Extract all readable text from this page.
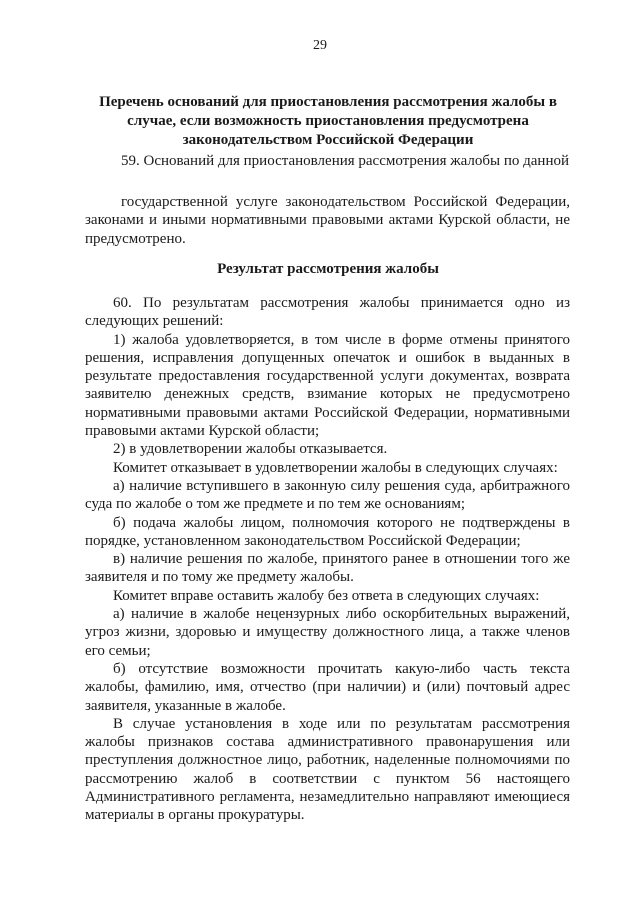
29
Перечень оснований для приостановления рассмотрения жалобы в случае, если возможность приостановления предусмотрена законодательством Российской Федерации
59. Оснований для приостановления рассмотрения жалобы по данной
государственной услуге законодательством Российской Федерации, законами и иными нормативными правовыми актами Курской области, не предусмотрено.
Результат рассмотрения жалобы

60. По результатам рассмотрения жалобы принимается одно из следующих решений:

1) жалоба удовлетворяется, в том числе в форме отмены принятого решения, исправления допущенных опечаток и ошибок в выданных в результате предоставления государственной услуги документах, возврата заявителю денежных средств, взимание которых не предусмотрено нормативными правовыми актами Российской Федерации, нормативными правовыми актами Курской области;

2) в удовлетворении жалобы отказывается.

Комитет отказывает в удовлетворении жалобы в следующих случаях:

а) наличие вступившего в законную силу решения суда, арбитражного суда по жалобе о том же предмете и по тем же основаниям;

б) подача жалобы лицом, полномочия которого не подтверждены в порядке, установленном законодательством Российской Федерации;

в) наличие решения по жалобе, принятого ранее в отношении того же заявителя и по тому же предмету жалобы.

Комитет вправе оставить жалобу без ответа в следующих случаях:

а) наличие в жалобе нецензурных либо оскорбительных выражений, угроз жизни, здоровью и имуществу должностного лица, а также членов его семьи;

б) отсутствие возможности прочитать какую-либо часть текста жалобы, фамилию, имя, отчество (при наличии) и (или) почтовый адрес заявителя, указанные в жалобе.

В случае установления в ходе или по результатам рассмотрения жалобы признаков состава административного правонарушения или преступления должностное лицо, работник, наделенные полномочиями по рассмотрению жалоб в соответствии с пунктом 56 настоящего Административного регламента, незамедлительно направляют имеющиеся материалы в органы прокуратуры.
